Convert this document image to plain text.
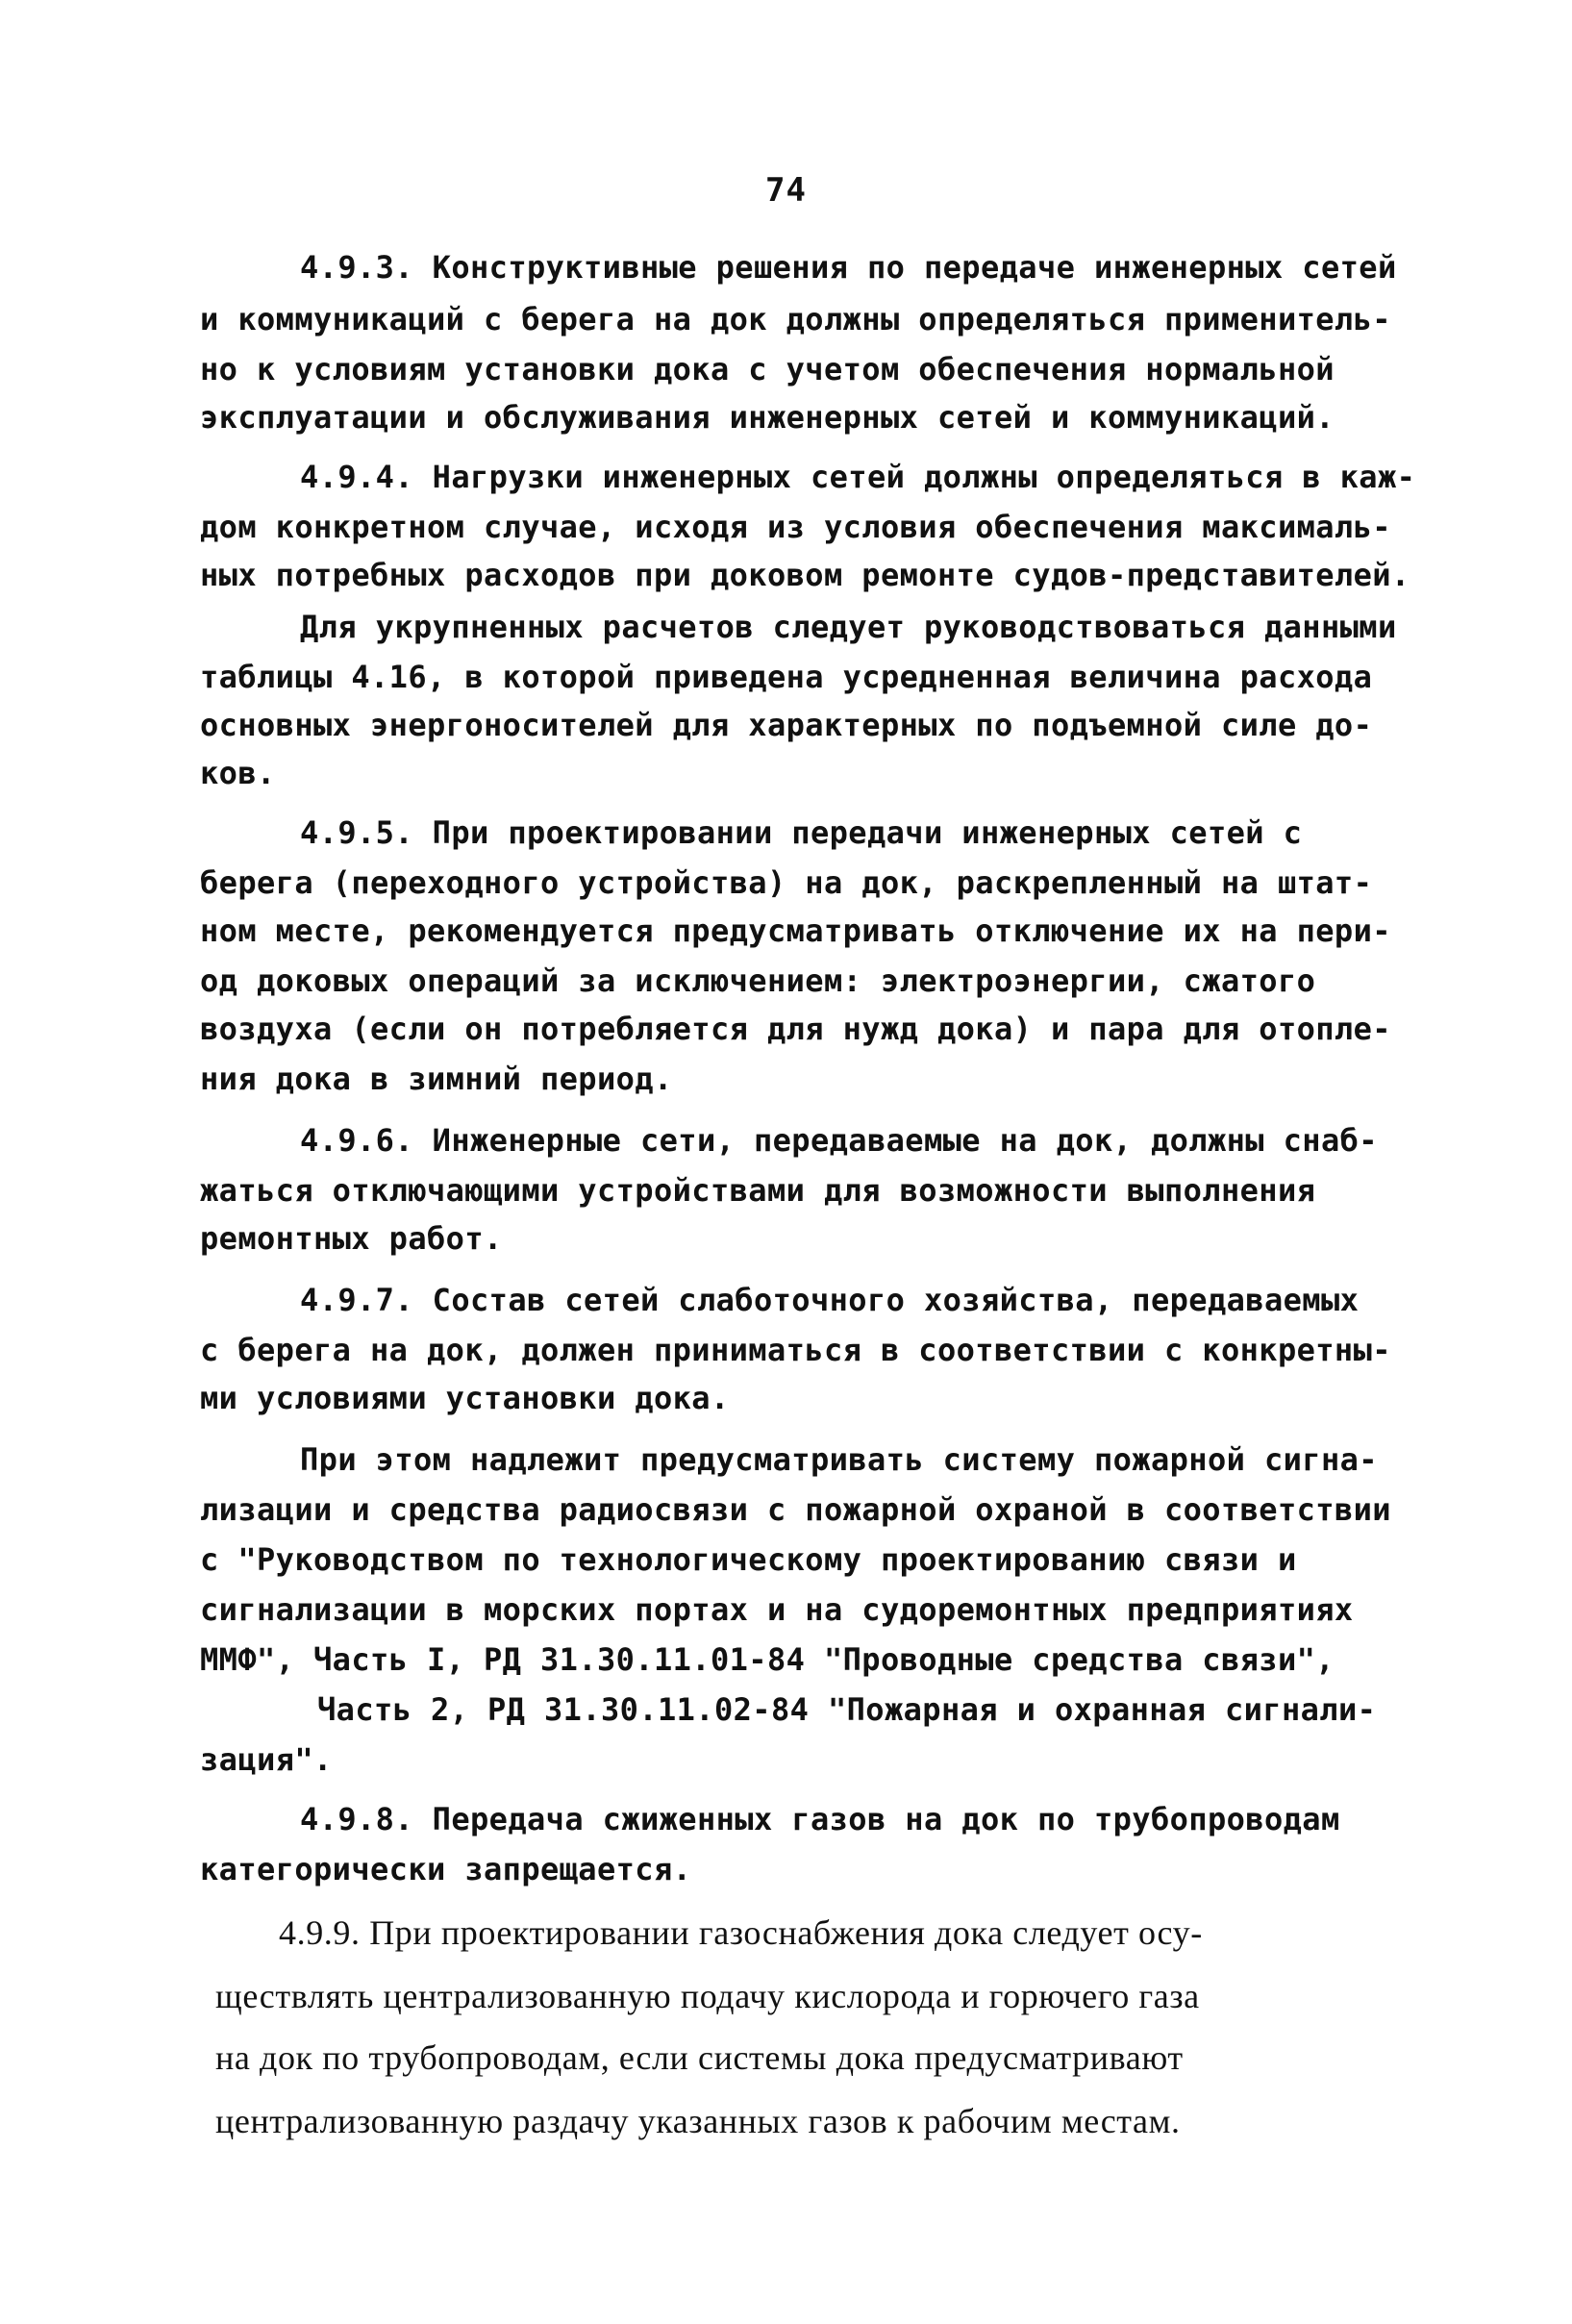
74
4.9.3. Конструктивные решения по передаче инженерных сетей
и коммуникаций с берега на док должны определяться применитель-
но к условиям установки дока с учетом обеспечения нормальной
эксплуатации и обслуживания инженерных сетей и коммуникаций.
4.9.4. Нагрузки инженерных сетей должны определяться в каж-
дом конкретном случае, исходя из условия обеспечения максималь-
ных потребных расходов при доковом ремонте судов-представителей.
Для укрупненных расчетов следует руководствоваться данными
таблицы 4.16, в которой приведена усредненная величина расхода
основных энергоносителей для характерных по подъемной силе до-
ков.
4.9.5. При проектировании передачи инженерных сетей с
берега (переходного устройства) на док, раскрепленный на штат-
ном месте, рекомендуется предусматривать отключение их на пери-
од доковых операций за исключением: электроэнергии, сжатого
воздуха (если он потребляется для нужд дока) и пара для отопле-
ния дока в зимний период.
4.9.6. Инженерные сети, передаваемые на док, должны снаб-
жаться отключающими устройствами для возможности выполнения
ремонтных работ.
4.9.7. Состав сетей слаботочного хозяйства, передаваемых
с берега на док, должен приниматься в соответствии с конкретны-
ми условиями установки дока.
При этом надлежит предусматривать систему пожарной сигна-
лизации и средства радиосвязи с пожарной охраной в соответствии
с "Руководством по технологическому проектированию связи и
сигнализации в морских портах и на судоремонтных предприятиях
ММФ", Часть I, РД 31.30.11.01-84 "Проводные средства связи",
Часть 2, РД 31.30.11.02-84 "Пожарная и охранная сигнали-
зация".
4.9.8. Передача сжиженных газов на док по трубопроводам
категорически запрещается.
4.9.9. При проектировании газоснабжения дока следует осу-
ществлять централизованную подачу кислорода и горючего газа
на док по трубопроводам, если системы дока предусматривают
централизованную раздачу указанных газов к рабочим местам.
